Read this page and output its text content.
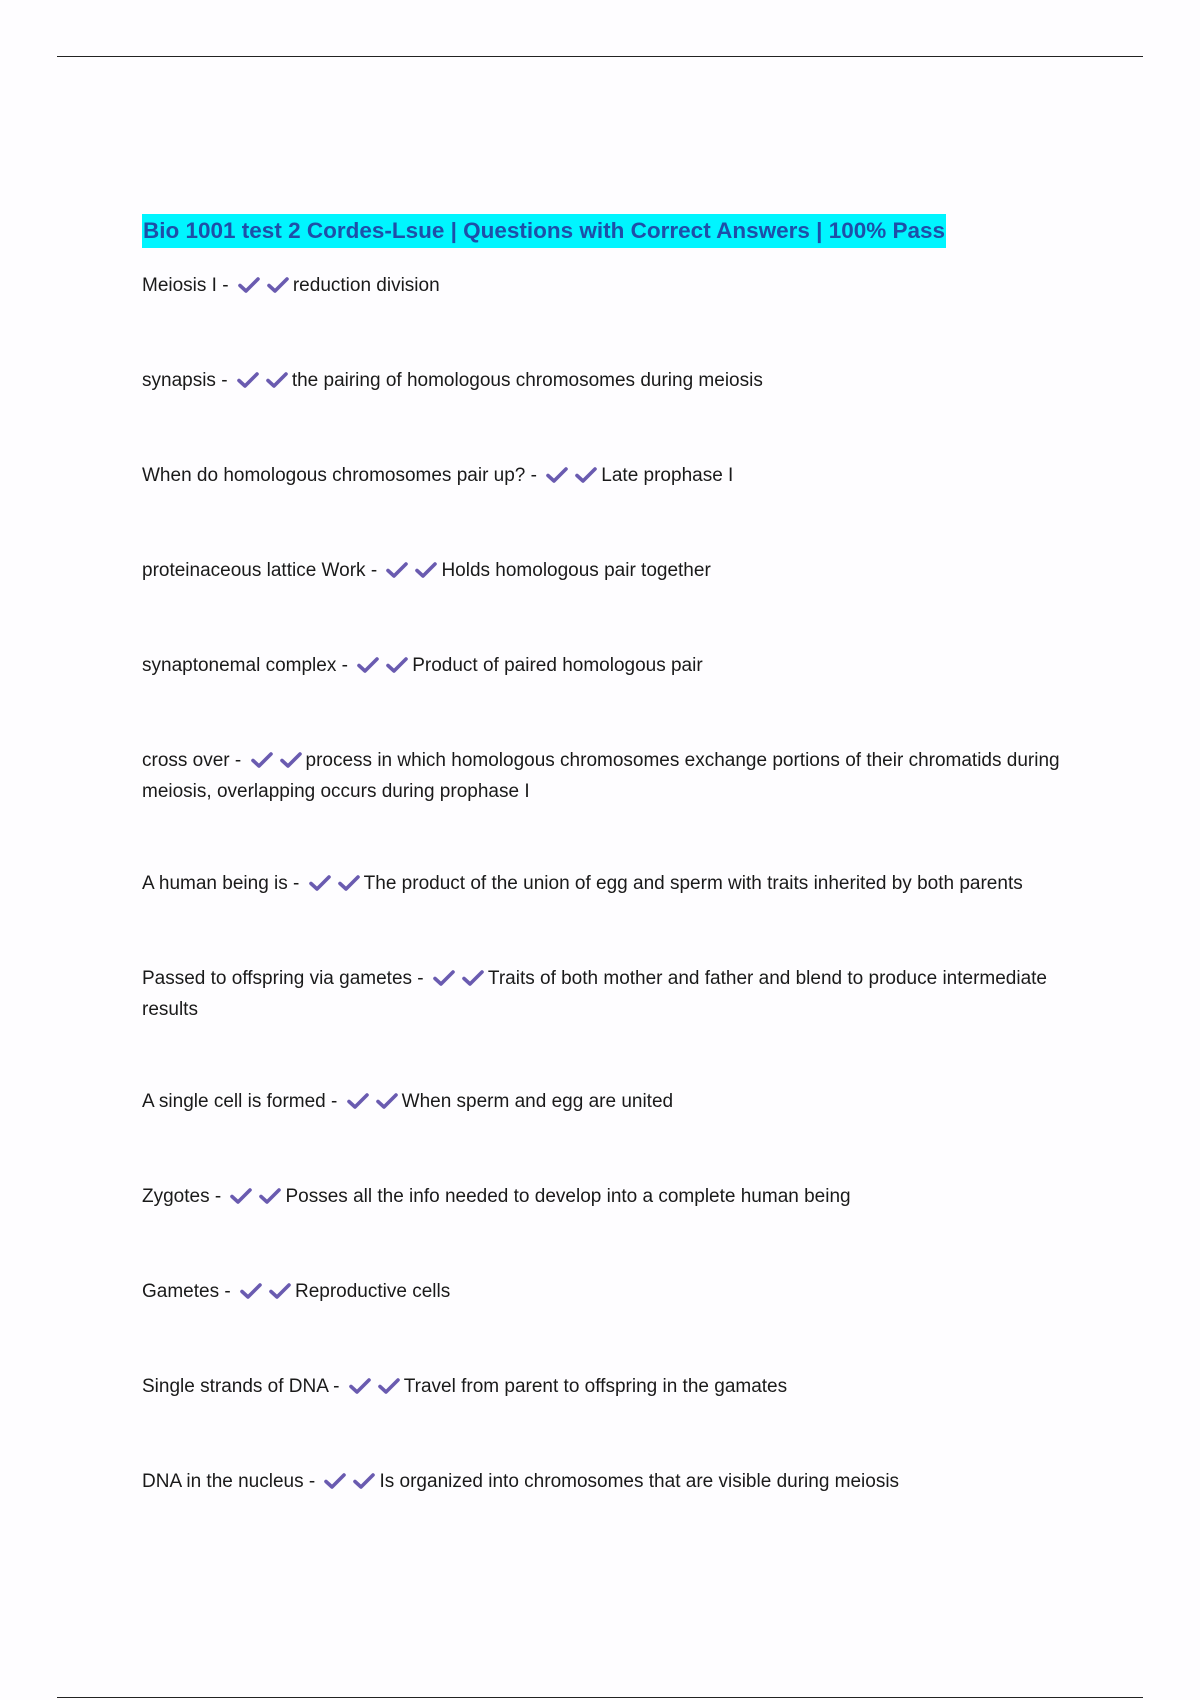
Bio 1001 test 2 Cordes-Lsue | Questions with Correct Answers | 100% Pass

Meiosis I -	reduction division

synapsis -	the pairing of homologous chromosomes during meiosis

When do homologous chromosomes pair up? -	Late prophase I

proteinaceous lattice Work -	Holds homologous pair together

synaptonemal complex -	Product of paired homologous pair

cross over -	process in which homologous chromosomes exchange portions of their chromatids during meiosis, overlapping occurs during prophase I

A human being is -	The product of the union of egg and sperm with traits inherited by both parents

Passed to offspring via gametes -	Traits of both mother and father and blend to produce intermediate results

A single cell is formed -	When sperm and egg are united

Zygotes -	Posses all the info needed to develop into a complete human being

Gametes -	Reproductive cells

Single strands of DNA -	Travel from parent to offspring in the gamates

DNA in the nucleus -	Is organized into chromosomes that are visible during meiosis
